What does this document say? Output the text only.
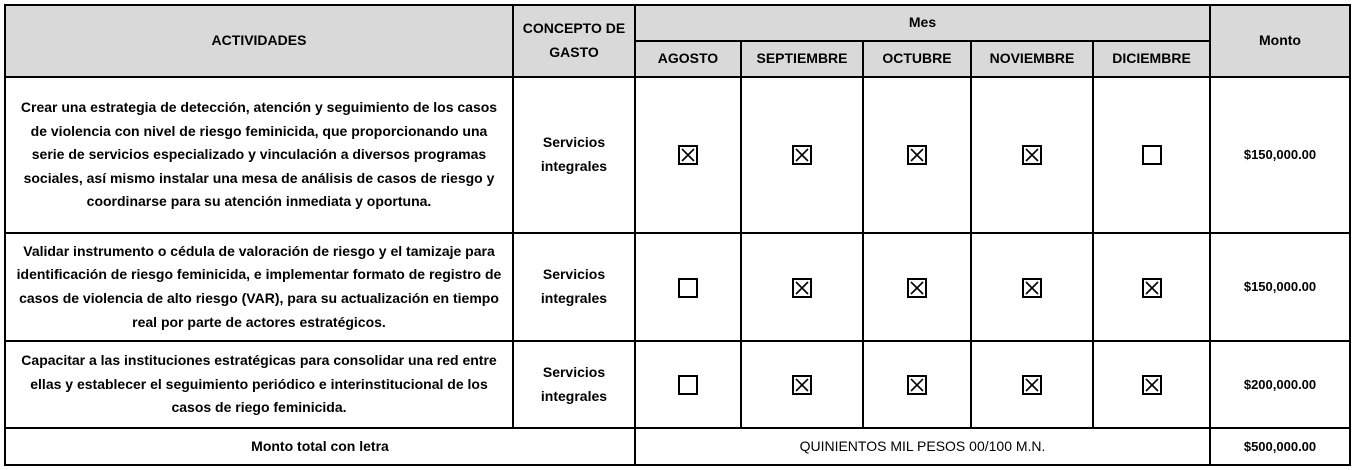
ACTIVIDADES	CONCEPTO DE GASTO	Mes					Monto
		AGOSTO	SEPTIEMBRE	OCTUBRE	NOVIEMBRE	DICIEMBRE	
Crear una estrategia de detección, atención y seguimiento de los casos de violencia con nivel de riesgo feminicida, que proporcionando una serie de servicios especializado y vinculación a diversos programas sociales, así mismo instalar una mesa de análisis de casos de riesgo y coordinarse para su atención inmediata y oportuna.	Servicios integrales						$150,000.00
Validar instrumento o cédula de valoración de riesgo y el tamizaje para identificación de riesgo feminicida, e implementar formato de registro de casos de violencia de alto riesgo (VAR), para su actualización en tiempo real por parte de actores estratégicos.	Servicios integrales						$150,000.00
Capacitar a las instituciones estratégicas para consolidar una red entre ellas y establecer el seguimiento periódico e interinstitucional de los casos de riego feminicida.	Servicios integrales						$200,000.00
Monto total con letra		QUINIENTOS MIL PESOS 00/100 M.N.					$500,000.00
